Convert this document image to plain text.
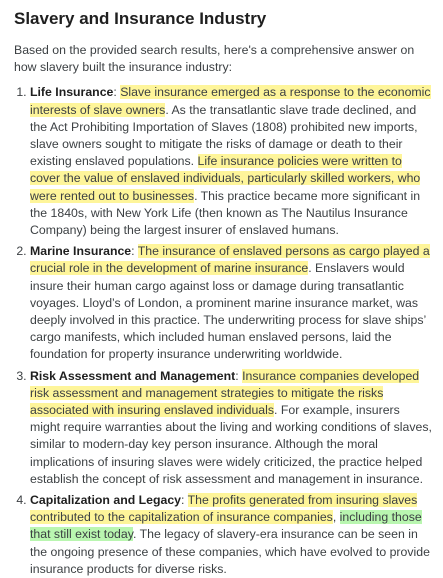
Slavery and Insurance Industry

Based on the provided search results, here's a comprehensive answer on how slavery built the insurance industry:

1. Life Insurance: Slave insurance emerged as a response to the economic interests of slave owners. As the transatlantic slave trade declined, and the Act Prohibiting Importation of Slaves (1808) prohibited new imports, slave owners sought to mitigate the risks of damage or death to their existing enslaved populations. Life insurance policies were written to cover the value of enslaved individuals, particularly skilled workers, who were rented out to businesses. This practice became more significant in the 1840s, with New York Life (then known as The Nautilus Insurance Company) being the largest insurer of enslaved humans.
2. Marine Insurance: The insurance of enslaved persons as cargo played a crucial role in the development of marine insurance. Enslavers would insure their human cargo against loss or damage during transatlantic voyages. Lloyd’s of London, a prominent marine insurance market, was deeply involved in this practice. The underwriting process for slave ships’ cargo manifests, which included human enslaved persons, laid the foundation for property insurance underwriting worldwide.
3. Risk Assessment and Management: Insurance companies developed risk assessment and management strategies to mitigate the risks associated with insuring enslaved individuals. For example, insurers might require warranties about the living and working conditions of slaves, similar to modern-day key person insurance. Although the moral implications of insuring slaves were widely criticized, the practice helped establish the concept of risk assessment and management in insurance.
4. Capitalization and Legacy: The profits generated from insuring slaves contributed to the capitalization of insurance companies, including those that still exist today. The legacy of slavery-era insurance can be seen in the ongoing presence of these companies, which have evolved to provide insurance products for diverse risks.
